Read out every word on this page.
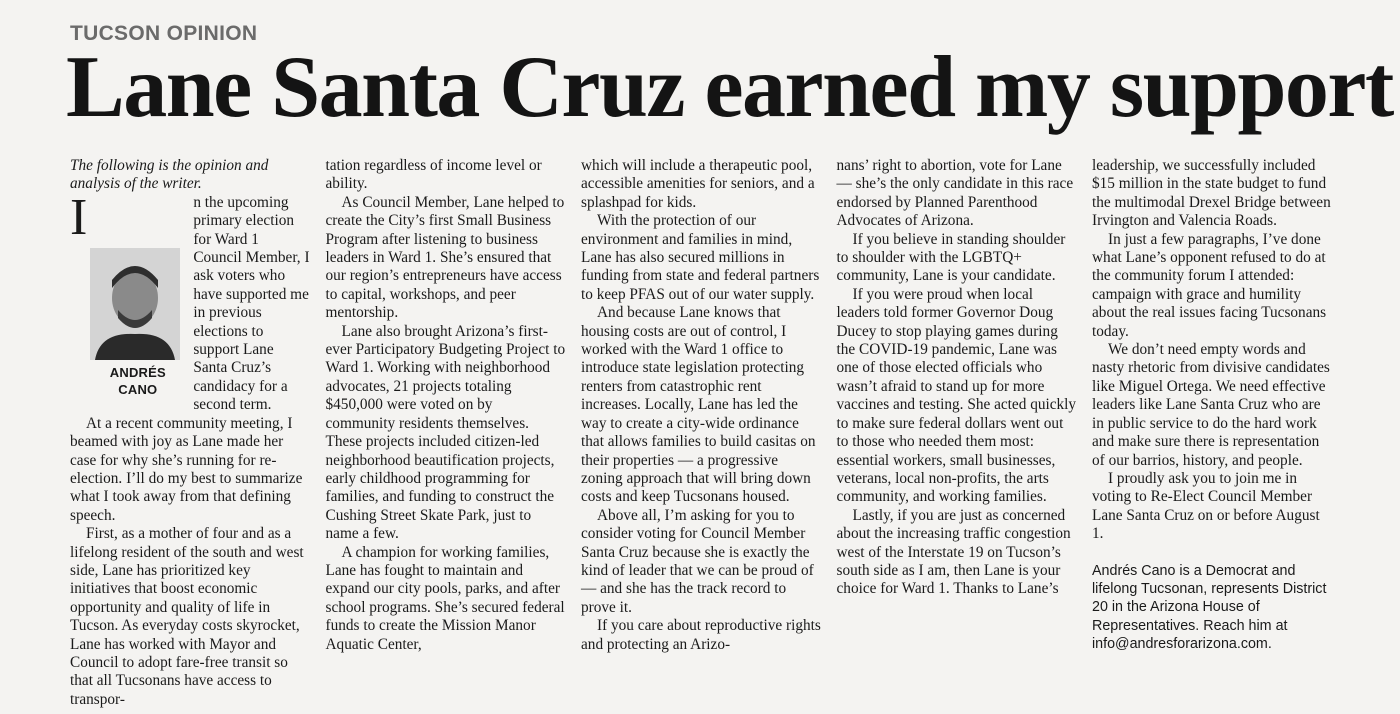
TUCSON OPINION
Lane Santa Cruz earned my support

The following is the opinion and analysis of the writer.

I
ANDRÉS
CANO
n the upcoming primary election for Ward 1 Council Member, I ask voters who have supported me in previous elections to support Lane Santa Cruz’s candidacy for a second term.

At a recent community meeting, I beamed with joy as Lane made her case for why she’s running for re-election. I’ll do my best to summarize what I took away from that defining speech.

First, as a mother of four and as a lifelong resident of the south and west side, Lane has prioritized key initiatives that boost economic opportunity and quality of life in Tucson. As everyday costs skyrocket, Lane has worked with Mayor and Council to adopt fare-free transit so that all Tucsonans have access to transpor-

tation regardless of income level or ability.

As Council Member, Lane helped to create the City’s first Small Business Program after listening to business leaders in Ward 1. She’s ensured that our region’s entrepreneurs have access to capital, workshops, and peer mentorship.

Lane also brought Arizona’s first-ever Participatory Budgeting Project to Ward 1. Working with neighborhood advocates, 21 projects totaling $450,000 were voted on by community residents themselves. These projects included citizen-led neighborhood beautification projects, early childhood programming for families, and funding to construct the Cushing Street Skate Park, just to name a few.

A champion for working families, Lane has fought to maintain and expand our city pools, parks, and after school programs. She’s secured federal funds to create the Mission Manor Aquatic Center,

which will include a therapeutic pool, accessible amenities for seniors, and a splashpad for kids.

With the protection of our environment and families in mind, Lane has also secured millions in funding from state and federal partners to keep PFAS out of our water supply.

And because Lane knows that housing costs are out of control, I worked with the Ward 1 office to introduce state legislation protecting renters from catastrophic rent increases. Locally, Lane has led the way to create a city-wide ordinance that allows families to build casitas on their properties — a progressive zoning approach that will bring down costs and keep Tucsonans housed.

Above all, I’m asking for you to consider voting for Council Member Santa Cruz because she is exactly the kind of leader that we can be proud of — and she has the track record to prove it.

If you care about reproductive rights and protecting an Arizo-

nans’ right to abortion, vote for Lane — she’s the only candidate in this race endorsed by Planned Parenthood Advocates of Arizona.

If you believe in standing shoulder to shoulder with the LGBTQ+ community, Lane is your candidate.

If you were proud when local leaders told former Governor Doug Ducey to stop playing games during the COVID-19 pandemic, Lane was one of those elected officials who wasn’t afraid to stand up for more vaccines and testing. She acted quickly to make sure federal dollars went out to those who needed them most: essential workers, small businesses, veterans, local non-profits, the arts community, and working families.

Lastly, if you are just as concerned about the increasing traffic congestion west of the Interstate 19 on Tucson’s south side as I am, then Lane is your choice for Ward 1. Thanks to Lane’s

leadership, we successfully included $15 million in the state budget to fund the multimodal Drexel Bridge between Irvington and Valencia Roads.

In just a few paragraphs, I’ve done what Lane’s opponent refused to do at the community forum I attended: campaign with grace and humility about the real issues facing Tucsonans today.

We don’t need empty words and nasty rhetoric from divisive candidates like Miguel Ortega. We need effective leaders like Lane Santa Cruz who are in public service to do the hard work and make sure there is representation of our barrios, history, and people.

I proudly ask you to join me in voting to Re-Elect Council Member Lane Santa Cruz on or before August 1.

Andrés Cano is a Democrat and lifelong Tucsonan, represents District 20 in the Arizona House of Representatives. Reach him at info@andresforarizona.com.
